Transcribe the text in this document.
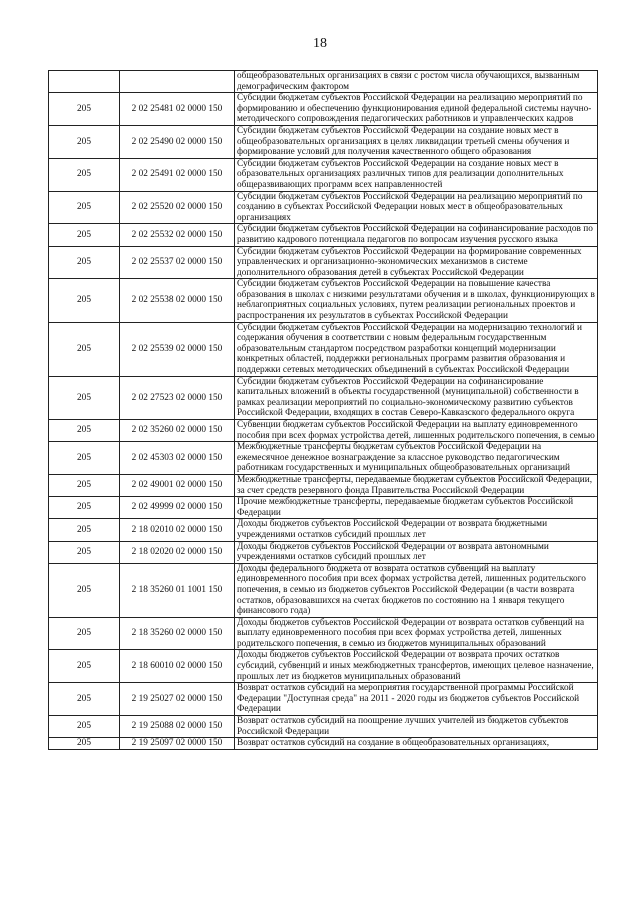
18
		общеобразовательных организациях в связи с ростом числа обучающихся, вызванным демографическим фактором
205	2 02 25481 02 0000 150	Субсидии бюджетам субъектов Российской Федерации на реализацию мероприятий по формированию и обеспечению функционирования единой федеральной системы научно-методического сопровождения педагогических работников и управленческих кадров
205	2 02 25490 02 0000 150	Субсидии бюджетам субъектов Российской Федерации на создание новых мест в общеобразовательных организациях в целях ликвидации третьей смены обучения и формирование условий для получения качественного общего образования
205	2 02 25491 02 0000 150	Субсидии бюджетам субъектов Российской Федерации на создание новых мест в образовательных организациях различных типов для реализации дополнительных общеразвивающих программ всех направленностей
205	2 02 25520 02 0000 150	Субсидии бюджетам субъектов Российской Федерации на реализацию мероприятий по созданию в субъектах Российской Федерации новых мест в общеобразовательных организациях
205	2 02 25532 02 0000 150	Субсидии бюджетам субъектов Российской Федерации на софинансирование расходов по развитию кадрового потенциала педагогов по вопросам изучения русского языка
205	2 02 25537 02 0000 150	Субсидии бюджетам субъектов Российской Федерации на формирование современных управленческих и организационно-экономических механизмов в системе дополнительного образования детей в субъектах Российской Федерации
205	2 02 25538 02 0000 150	Субсидии бюджетам субъектов Российской Федерации на повышение качества образования в школах с низкими результатами обучения и в школах, функционирующих в неблагоприятных социальных условиях, путем реализации региональных проектов и распространения их результатов в субъектах Российской Федерации
205	2 02 25539 02 0000 150	Субсидии бюджетам субъектов Российской Федерации на модернизацию технологий и содержания обучения в соответствии с новым федеральным государственным образовательным стандартом посредством разработки концепций модернизации конкретных областей, поддержки региональных программ развития образования и поддержки сетевых методических объединений в субъектах Российской Федерации
205	2 02 27523 02 0000 150	Субсидии бюджетам субъектов Российской Федерации на софинансирование капитальных вложений в объекты государственной (муниципальной) собственности в рамках реализации мероприятий по социально-экономическому развитию субъектов Российской Федерации, входящих в состав Северо-Кавказского федерального округа
205	2 02 35260 02 0000 150	Субвенции бюджетам субъектов Российской Федерации на выплату единовременного пособия при всех формах устройства детей, лишенных родительского попечения, в семью
205	2 02 45303 02 0000 150	Межбюджетные трансферты бюджетам субъектов Российской Федерации на ежемесячное денежное вознаграждение за классное руководство педагогическим работникам государственных и муниципальных общеобразовательных организаций
205	2 02 49001 02 0000 150	Межбюджетные трансферты, передаваемые бюджетам субъектов Российской Федерации, за счет средств резервного фонда Правительства Российской Федерации
205	2 02 49999 02 0000 150	Прочие межбюджетные трансферты, передаваемые бюджетам субъектов Российской Федерации
205	2 18 02010 02 0000 150	Доходы бюджетов субъектов Российской Федерации от возврата бюджетными учреждениями остатков субсидий прошлых лет
205	2 18 02020 02 0000 150	Доходы бюджетов субъектов Российской Федерации от возврата автономными учреждениями остатков субсидий прошлых лет
205	2 18 35260 01 1001 150	Доходы федерального бюджета от возврата остатков субвенций на выплату единовременного пособия при всех формах устройства детей, лишенных родительского попечения, в семью из бюджетов субъектов Российской Федерации (в части возврата остатков, образовавшихся на счетах бюджетов по состоянию на 1 января текущего финансового года)
205	2 18 35260 02 0000 150	Доходы бюджетов субъектов Российской Федерации от возврата остатков субвенций на выплату единовременного пособия при всех формах устройства детей, лишенных родительского попечения, в семью из бюджетов муниципальных образований
205	2 18 60010 02 0000 150	Доходы бюджетов субъектов Российской Федерации от возврата прочих остатков субсидий, субвенций и иных межбюджетных трансфертов, имеющих целевое назначение, прошлых лет из бюджетов муниципальных образований
205	2 19 25027 02 0000 150	Возврат остатков субсидий на мероприятия государственной программы Российской Федерации "Доступная среда" на 2011 - 2020 годы из бюджетов субъектов Российской Федерации
205	2 19 25088 02 0000 150	Возврат остатков субсидий на поощрение лучших учителей из бюджетов субъектов Российской Федерации
205	2 19 25097 02 0000 150	Возврат остатков субсидий на создание в общеобразовательных организациях,
